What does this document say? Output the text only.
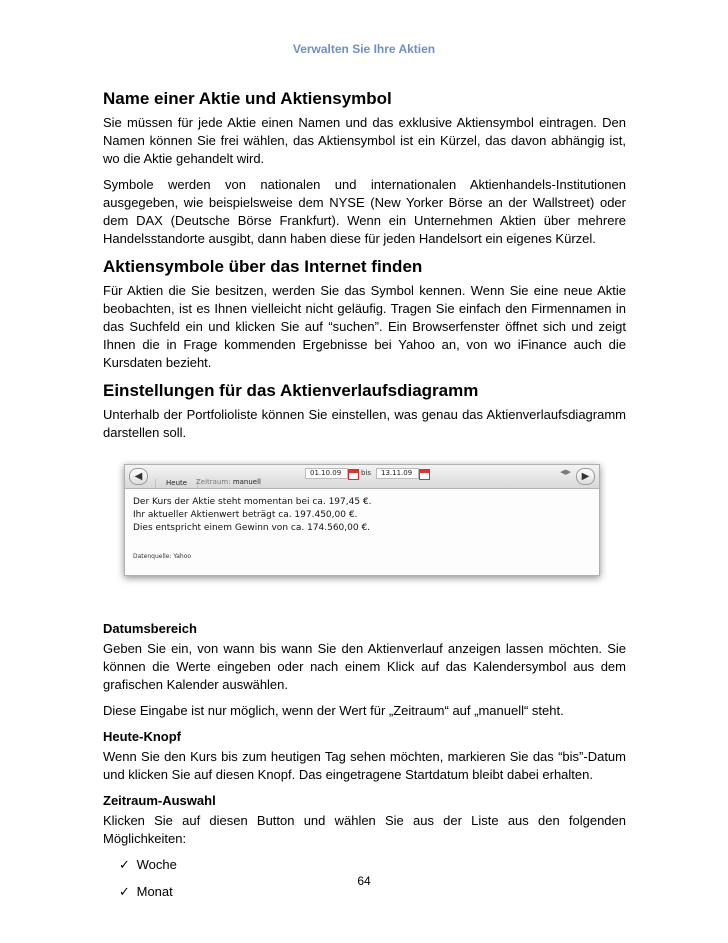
Verwalten Sie Ihre Aktien
Name einer Aktie und Aktiensymbol

Sie müssen für jede Aktie einen Namen und das exklusive Aktiensymbol eintragen. Den Namen können Sie frei wählen, das Aktiensymbol ist ein Kürzel, das davon abhängig ist, wo die Aktie gehandelt wird.

Symbole werden von nationalen und internationalen Aktienhandels-Institutionen ausgegeben, wie beispielsweise dem NYSE (New Yorker Börse an der Wallstreet) oder dem DAX (Deutsche Börse Frankfurt). Wenn ein Unternehmen Aktien über mehrere Handelsstandorte ausgibt, dann haben diese für jeden Handelsort ein eigenes Kürzel.

Aktiensymbole über das Internet finden

Für Aktien die Sie besitzen, werden Sie das Symbol kennen. Wenn Sie eine neue Aktie beobachten, ist es Ihnen vielleicht nicht geläufig. Tragen Sie einfach den Firmennamen in das Suchfeld ein und klicken Sie auf “suchen”. Ein Browserfenster öffnet sich und zeigt Ihnen die in Frage kommenden Ergebnisse bei Yahoo an, von wo iFinance auch die Kursdaten bezieht.

Einstellungen für das Aktienverlaufsdiagramm

Unterhalb der Portfolioliste können Sie einstellen, was genau das Aktienverlaufsdiagramm darstellen soll.

◀	01.10.09	bis	13.11.09	◀▶	▶
Heute	Zeitraum: manuell
Der Kurs der Aktie steht momentan bei ca. 197,45 €.
Ihr aktueller Aktienwert beträgt ca. 197.450,00 €.
Dies entspricht einem Gewinn von ca. 174.560,00 €.
Datenquelle: Yahoo
Datumsbereich

Geben Sie ein, von wann bis wann Sie den Aktienverlauf anzeigen lassen möchten. Sie können die Werte eingeben oder nach einem Klick auf das Kalendersymbol aus dem grafischen Kalender auswählen.

Diese Eingabe ist nur möglich, wenn der Wert für „Zeitraum“ auf „manuell“ steht.

Heute-Knopf

Wenn Sie den Kurs bis zum heutigen Tag sehen möchten, markieren Sie das “bis”-Datum und klicken Sie auf diesen Knopf. Das eingetragene Startdatum bleibt dabei erhalten.

Zeitraum-Auswahl

Klicken Sie auf diesen Button und wählen Sie aus der Liste aus den folgenden Möglichkeiten:

✓ Woche
✓ Monat
64
